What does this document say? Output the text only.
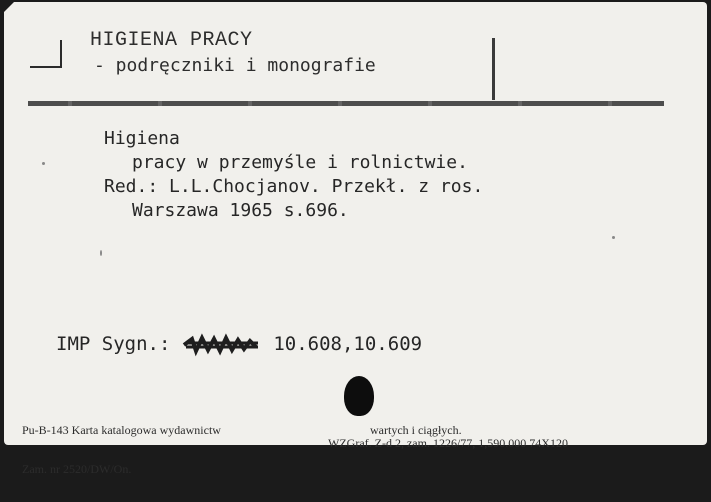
HIGIENA PRACY
- podręczniki i monografie
Higiena
pracy w przemyśle i rolnictwie.
Red.: L.L.Chocjanov. Przekł. z ros.
Warszawa 1965 s.696.
IMP Sygn.:	10.608,10.609

Pu-B-143 Karta katalogowa wydawnictw

Zam. nr 2520/DW/On.

wartych i ciągłych.

WZGraf. Z-d 2, zam. 1226/77, 1,590.000 74X120
